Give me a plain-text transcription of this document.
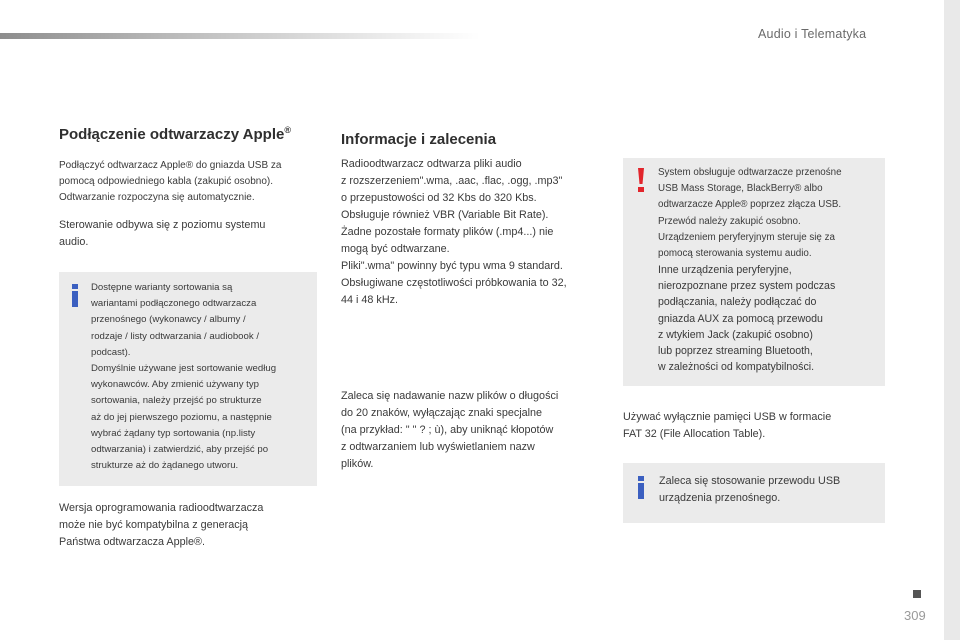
Audio i Telematyka
Podłączenie odtwarzaczy Apple®
Podłączyć odtwarzacz Apple® do gniazda USB za
pomocą odpowiedniego kabla (zakupić osobno).
Odtwarzanie rozpoczyna się automatycznie.
Sterowanie odbywa się z poziomu systemu
audio.
Dostępne warianty sortowania są
wariantami podłączonego odtwarzacza
przenośnego (wykonawcy / albumy /
rodzaje / listy odtwarzania / audiobook /
podcast).
Domyślnie używane jest sortowanie według
wykonawców. Aby zmienić używany typ
sortowania, należy przejść po strukturze
aż do jej pierwszego poziomu, a następnie
wybrać żądany typ sortowania (np.listy
odtwarzania) i zatwierdzić, aby przejść po
strukturze aż do żądanego utworu.
Wersja oprogramowania radioodtwarzacza
może nie być kompatybilna z generacją
Państwa odtwarzacza Apple®.
Informacje i zalecenia
Radioodtwarzacz odtwarza pliki audio
z rozszerzeniem".wma, .aac, .flac, .ogg, .mp3"
o przepustowości od 32 Kbs do 320 Kbs.
Obsługuje również VBR (Variable Bit Rate).
Żadne pozostałe formaty plików (.mp4...) nie
mogą być odtwarzane.
Pliki".wma" powinny być typu wma 9 standard.
Obsługiwane częstotliwości próbkowania to 32,
44 i 48 kHz.
Zaleca się nadawanie nazw plików o długości
do 20 znaków, wyłączając znaki specjalne
(na przykład: " " ? ; ù), aby uniknąć kłopotów
z odtwarzaniem lub wyświetlaniem nazw
plików.
System obsługuje odtwarzacze przenośne
USB Mass Storage, BlackBerry® albo
odtwarzacze Apple® poprzez złącza USB.
Przewód należy zakupić osobno.
Urządzeniem peryferyjnym steruje się za
pomocą sterowania systemu audio.
Inne urządzenia peryferyjne,
nierozpoznane przez system podczas
podłączania, należy podłączać do
gniazda AUX za pomocą przewodu
z wtykiem Jack (zakupić osobno)
lub poprzez streaming Bluetooth,
w zależności od kompatybilności.
Używać wyłącznie pamięci USB w formacie
FAT 32 (File Allocation Table).
Zaleca się stosowanie przewodu USB
urządzenia przenośnego.
309
